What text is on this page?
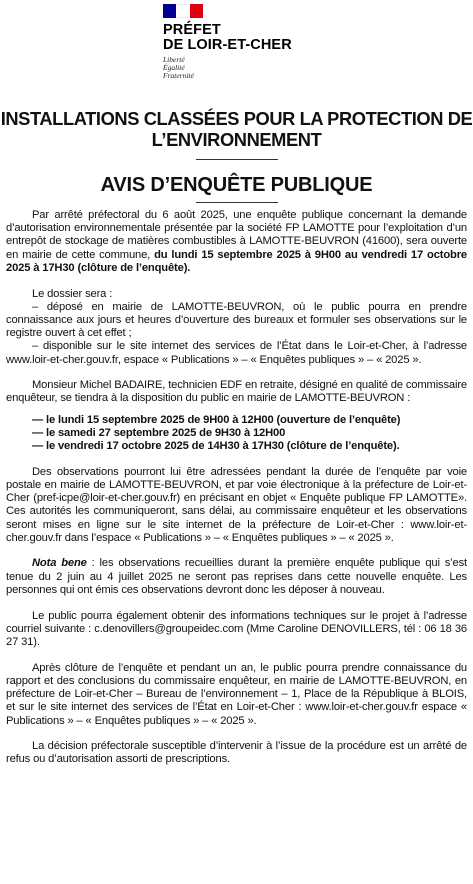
PRÉFET
DE LOIR-ET-CHER
Liberté
Égalité
Fraternité
INSTALLATIONS CLASSÉES POUR LA PROTECTION DE
L’ENVIRONNEMENT
AVIS D’ENQUÊTE PUBLIQUE

Par arrêté préfectoral du 6 août 2025, une enquête publique concernant la demande d’autorisation environnementale présentée par la société FP LAMOTTE pour l’exploitation d’un entrepôt de stockage de matières combustibles à LAMOTTE-BEUVRON (41600), sera ouverte en mairie de cette commune, du lundi 15 septembre 2025 à 9H00 au vendredi 17 octobre 2025 à 17H30 (clôture de l’enquête).

Le dossier sera :
– déposé en mairie de LAMOTTE-BEUVRON, où le public pourra en prendre connaissance aux jours et heures d’ouverture des bureaux et formuler ses observations sur le registre ouvert à cet effet ;
– disponible sur le site internet des services de l’État dans le Loir-et-Cher, à l’adresse www.loir-et-cher.gouv.fr, espace « Publications » – « Enquêtes publiques » – « 2025 ».

Monsieur Michel BADAIRE, technicien EDF en retraite, désigné en qualité de commissaire enquêteur, se tiendra à la disposition du public en mairie de LAMOTTE-BEUVRON :

— le lundi 15 septembre 2025 de 9H00 à 12H00 (ouverture de l’enquête)
— le samedi 27 septembre 2025 de 9H30 à 12H00
— le vendredi 17 octobre 2025 de 14H30 à 17H30 (clôture de l’enquête).

Des observations pourront lui être adressées pendant la durée de l’enquête par voie postale en mairie de LAMOTTE-BEUVRON, et par voie électronique à la préfecture de Loir-et-Cher (pref-icpe@loir-et-cher.gouv.fr) en précisant en objet « Enquête publique FP LAMOTTE». Ces autorités les communiqueront, sans délai, au commissaire enquêteur et les observations seront mises en ligne sur le site internet de la préfecture de Loir-et-Cher : www.loir-et-cher.gouv.fr dans l’espace « Publications » – « Enquêtes publiques » – « 2025 ».

Nota bene : les observations recueillies durant la première enquête publique qui s’est tenue du 2 juin au 4 juillet 2025 ne seront pas reprises dans cette nouvelle enquête. Les personnes qui ont émis ces observations devront donc les déposer à nouveau.

Le public pourra également obtenir des informations techniques sur le projet à l’adresse courriel suivante : c.denovillers@groupeidec.com (Mme Caroline DENOVILLERS, tél : 06 18 36 27 31).

Après clôture de l’enquête et pendant un an, le public pourra prendre connaissance du rapport et des conclusions du commissaire enquêteur, en mairie de LAMOTTE-BEUVRON, en préfecture de Loir-et-Cher – Bureau de l’environnement – 1, Place de la République à BLOIS, et sur le site internet des services de l’État en Loir-et-Cher : www.loir-et-cher.gouv.fr espace « Publications » – « Enquêtes publiques » – « 2025 ».

La décision préfectorale susceptible d’intervenir à l’issue de la procédure est un arrêté de refus ou d’autorisation assorti de prescriptions.
